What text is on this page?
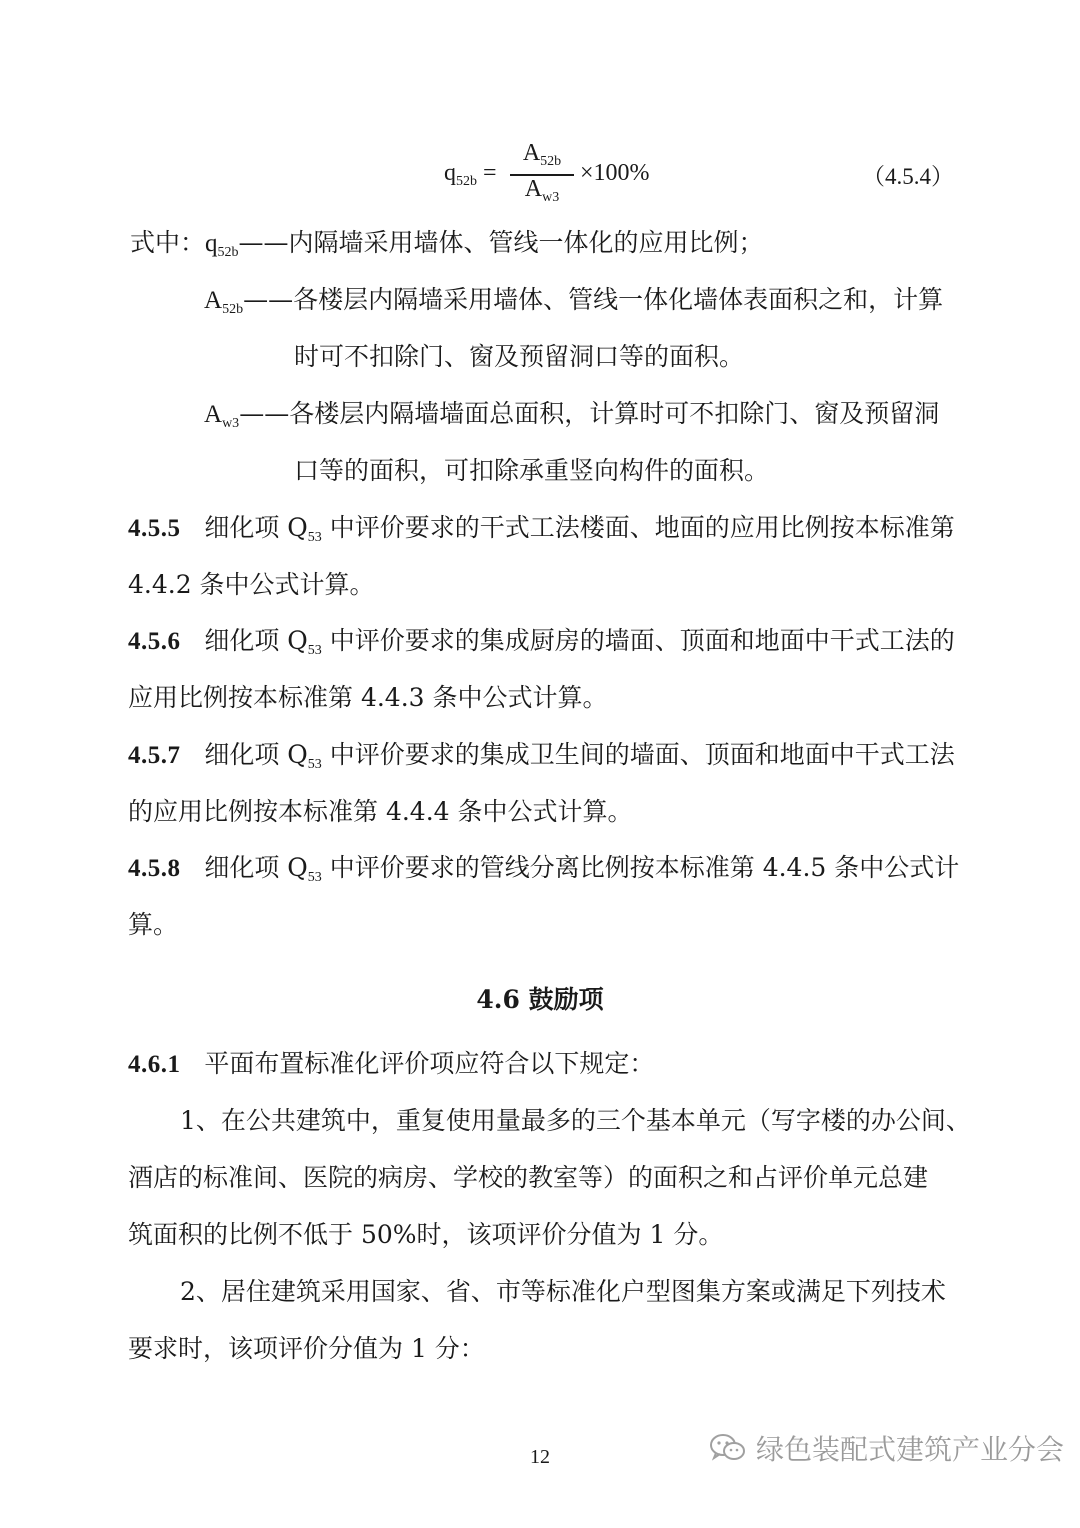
$q_{52b}$ =
$A_{52b}$
$A_{w3}$
×100%	（4.5.4）
式中：$q_{52b}——$内隔墙采用墙体、管线一体化的应用比例；
$A_{52b}——$各楼层内隔墙采用墙体、管线一体化墙体表面积之和，计算
时可不扣除门、窗及预留洞口等的面积。
$A_{w3}——$各楼层内隔墙墙面总面积，计算时可不扣除门、窗及预留洞
口等的面积，可扣除承重竖向构件的面积。
4.5.5 细化项 $Q_{53}$ 中评价要求的干式工法楼面、地面的应用比例按本标准第
4.4.2 条中公式计算。
4.5.6 细化项 $Q_{53}$ 中评价要求的集成厨房的墙面、顶面和地面中干式工法的
应用比例按本标准第 4.4.3 条中公式计算。
4.5.7 细化项 $Q_{53}$ 中评价要求的集成卫生间的墙面、顶面和地面中干式工法
的应用比例按本标准第 4.4.4 条中公式计算。
4.5.8 细化项 $Q_{53}$ 中评价要求的管线分离比例按本标准第 4.4.5 条中公式计
算。
4.6 鼓励项
4.6.1 平面布置标准化评价项应符合以下规定：
1、在公共建筑中，重复使用量最多的三个基本单元（写字楼的办公间、
酒店的标准间、医院的病房、学校的教室等）的面积之和占评价单元总建
筑面积的比例不低于 50%时，该项评价分值为 1 分。
2、居住建筑采用国家、省、市等标准化户型图集方案或满足下列技术
要求时，该项评价分值为 1 分：
12	绿色装配式建筑产业分会
